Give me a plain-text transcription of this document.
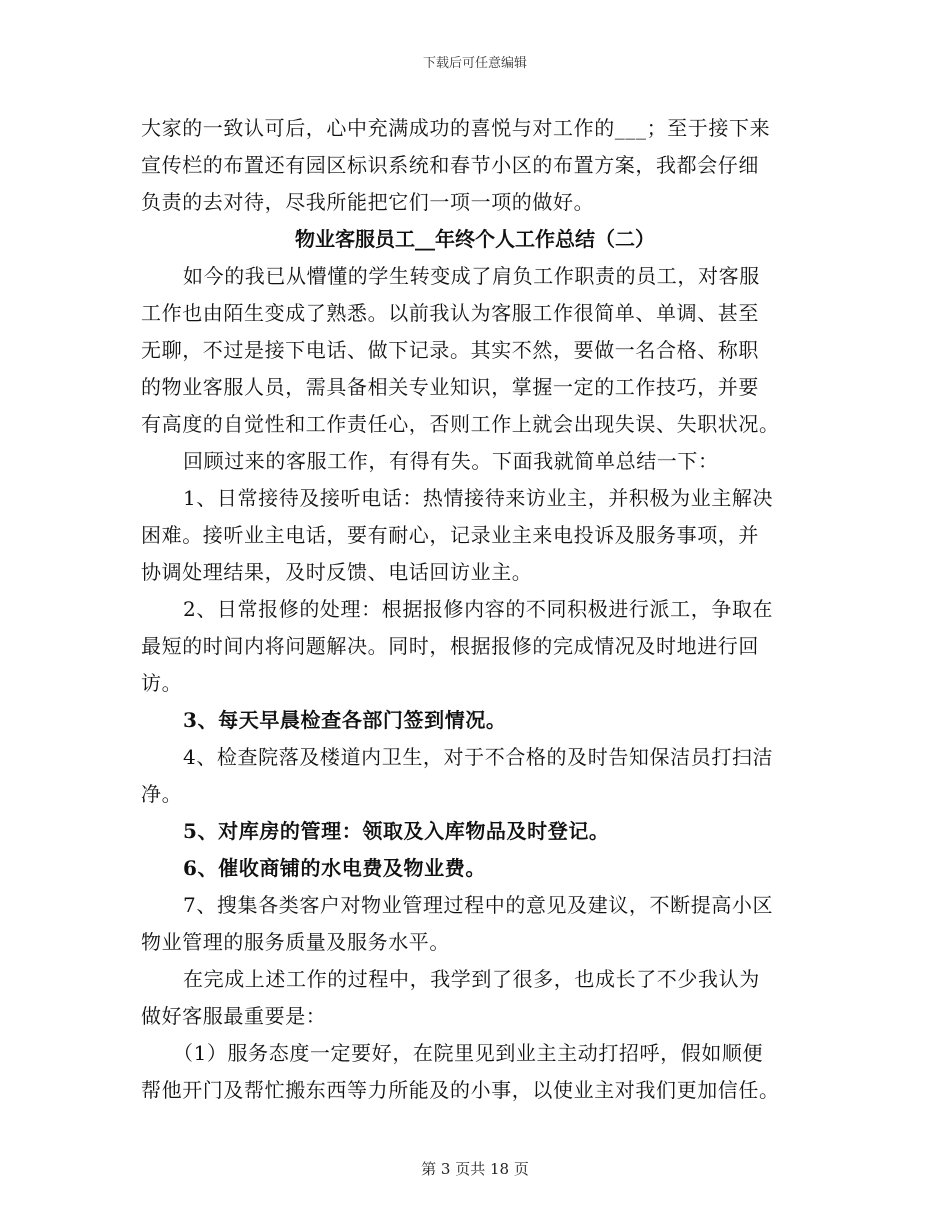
下载后可任意编辑
大家的一致认可后，心中充满成功的喜悦与对工作的___；至于接下来
宣传栏的布置还有园区标识系统和春节小区的布置方案，我都会仔细
负责的去对待，尽我所能把它们一项一项的做好。
物业客服员工__年终个人工作总结（二）
如今的我已从懵懂的学生转变成了肩负工作职责的员工，对客服
工作也由陌生变成了熟悉。以前我认为客服工作很简单、单调、甚至
无聊，不过是接下电话、做下记录。其实不然，要做一名合格、称职
的物业客服人员，需具备相关专业知识，掌握一定的工作技巧，并要
有高度的自觉性和工作责任心，否则工作上就会出现失误、失职状况。
回顾过来的客服工作，有得有失。下面我就简单总结一下：
1、日常接待及接听电话：热情接待来访业主，并积极为业主解决
困难。接听业主电话，要有耐心，记录业主来电投诉及服务事项，并
协调处理结果，及时反馈、电话回访业主。
2、日常报修的处理：根据报修内容的不同积极进行派工，争取在
最短的时间内将问题解决。同时，根据报修的完成情况及时地进行回
访。
3、每天早晨检查各部门签到情况。
4、检查院落及楼道内卫生，对于不合格的及时告知保洁员打扫洁
净。
5、对库房的管理：领取及入库物品及时登记。
6、催收商铺的水电费及物业费。
7、搜集各类客户对物业管理过程中的意见及建议，不断提高小区
物业管理的服务质量及服务水平。
在完成上述工作的过程中，我学到了很多，也成长了不少我认为
做好客服最重要是：
（1）服务态度一定要好，在院里见到业主主动打招呼，假如顺便
帮他开门及帮忙搬东西等力所能及的小事，以使业主对我们更加信任。
第 3 页共 18 页
